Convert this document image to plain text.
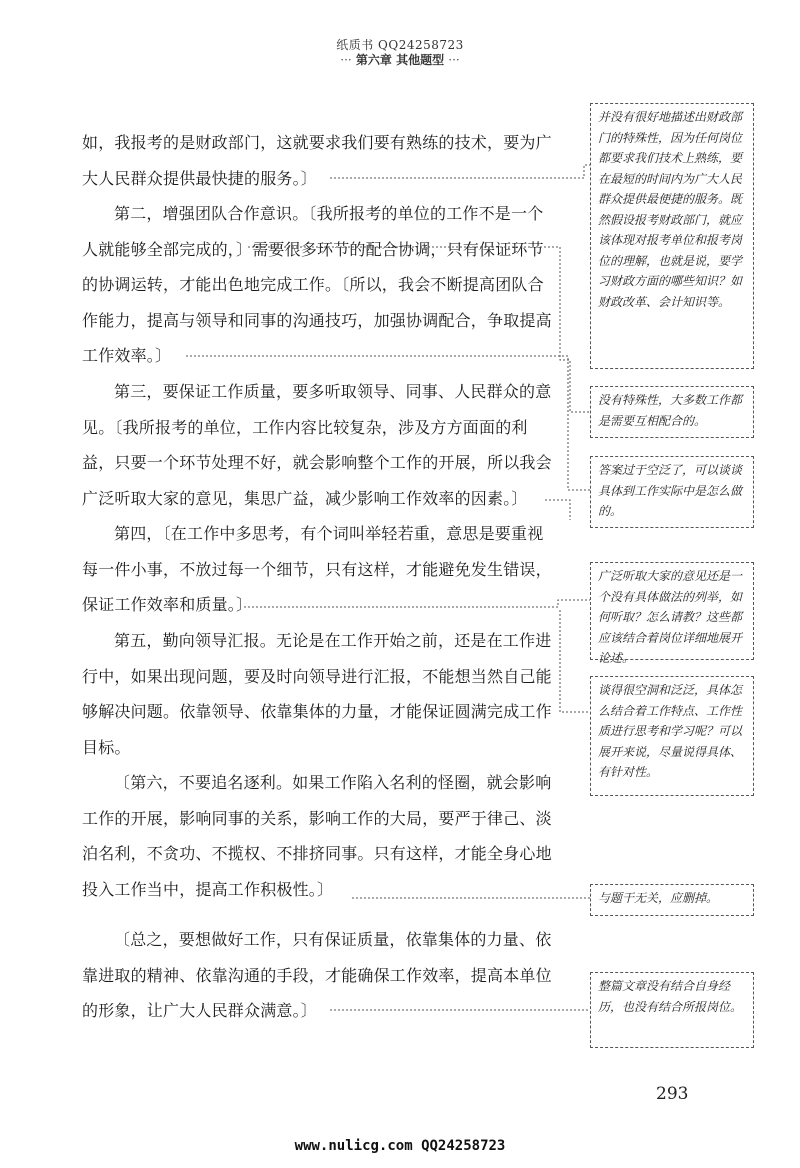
纸质书 QQ24258723
··· 第六章 其他题型 ···
如，我报考的是财政部门，这就要求我们要有熟练的技术，要为广大人民群众提供最快捷的服务。〕
第二，增强团队合作意识。〔我所报考的单位的工作不是一个人就能够全部完成的，〕需要很多环节的配合协调，只有保证环节的协调运转，才能出色地完成工作。〔所以，我会不断提高团队合作能力，提高与领导和同事的沟通技巧，加强协调配合，争取提高工作效率。〕
第三，要保证工作质量，要多听取领导、同事、人民群众的意见。〔我所报考的单位，工作内容比较复杂，涉及方方面面的利益，只要一个环节处理不好，就会影响整个工作的开展，所以我会广泛听取大家的意见，集思广益，减少影响工作效率的因素。〕
第四，〔在工作中多思考，有个词叫举轻若重，意思是要重视每一件小事，不放过每一个细节，只有这样，才能避免发生错误，保证工作效率和质量。〕
第五，勤向领导汇报。无论是在工作开始之前，还是在工作进行中，如果出现问题，要及时向领导进行汇报，不能想当然自己能够解决问题。依靠领导、依靠集体的力量，才能保证圆满完成工作目标。
〔第六，不要追名逐利。如果工作陷入名利的怪圈，就会影响工作的开展，影响同事的关系，影响工作的大局，要严于律己、淡泊名利，不贪功、不揽权、不排挤同事。只有这样，才能全身心地投入工作当中，提高工作积极性。〕
〔总之，要想做好工作，只有保证质量，依靠集体的力量、依靠进取的精神、依靠沟通的手段，才能确保工作效率，提高本单位的形象，让广大人民群众满意。〕
并没有很好地描述出财政部门的特殊性，因为任何岗位都要求我们技术上熟练，要在最短的时间内为广大人民群众提供最便捷的服务。既然假设报考财政部门，就应该体现对报考单位和报考岗位的理解，也就是说，要学习财政方面的哪些知识？如财政改革、会计知识等。
没有特殊性，大多数工作都是需要互相配合的。
答案过于空泛了，可以谈谈具体到工作实际中是怎么做的。
广泛听取大家的意见还是一个没有具体做法的列举，如何听取？怎么请教？这些都应该结合着岗位详细地展开论述。
谈得很空洞和泛泛，具体怎么结合着工作特点、工作性质进行思考和学习呢？可以展开来说，尽量说得具体、有针对性。
与题干无关，应删掉。
整篇文章没有结合自身经历，也没有结合所报岗位。
293
www.nulicg.com QQ24258723
